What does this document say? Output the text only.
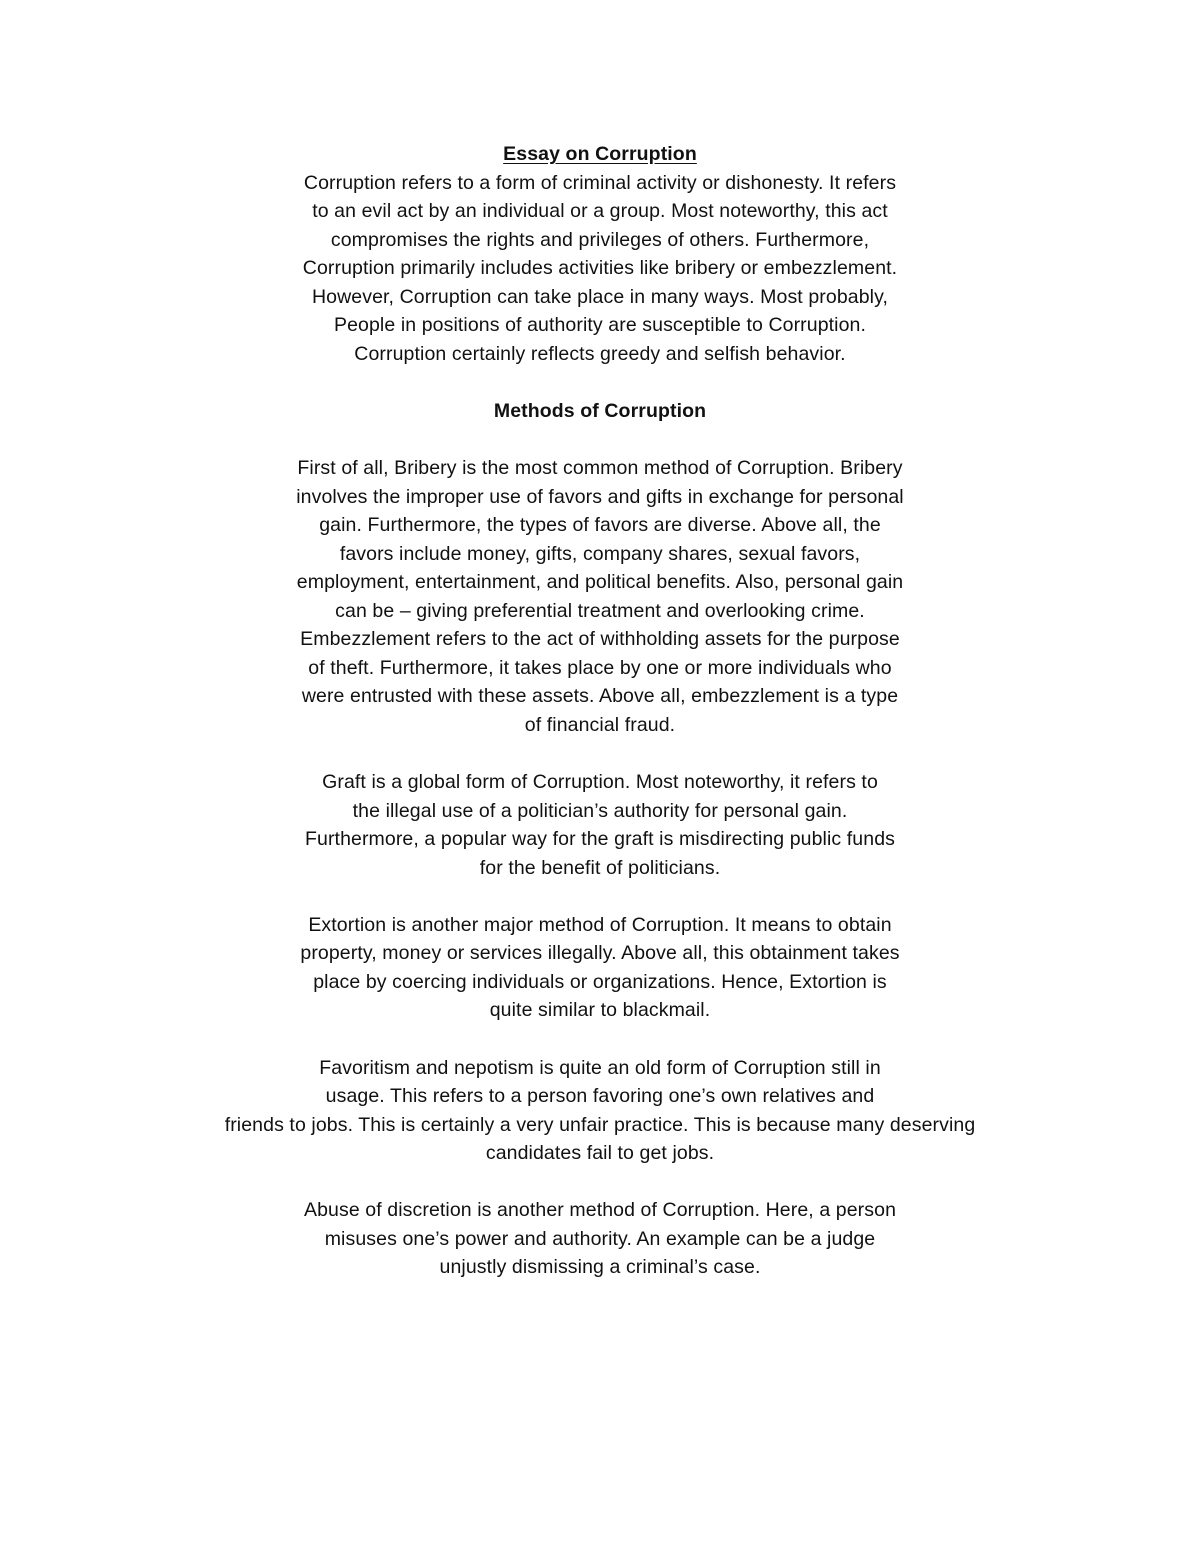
Essay on Corruption
Corruption refers to a form of criminal activity or dishonesty. It refers
to an evil act by an individual or a group. Most noteworthy, this act
compromises the rights and privileges of others. Furthermore,
Corruption primarily includes activities like bribery or embezzlement.
However, Corruption can take place in many ways. Most probably,
People in positions of authority are susceptible to Corruption.
Corruption certainly reflects greedy and selfish behavior.
Methods of Corruption
First of all, Bribery is the most common method of Corruption. Bribery
involves the improper use of favors and gifts in exchange for personal
gain. Furthermore, the types of favors are diverse. Above all, the
favors include money, gifts, company shares, sexual favors,
employment, entertainment, and political benefits. Also, personal gain
can be – giving preferential treatment and overlooking crime.
Embezzlement refers to the act of withholding assets for the purpose
of theft. Furthermore, it takes place by one or more individuals who
were entrusted with these assets. Above all, embezzlement is a type
of financial fraud.
Graft is a global form of Corruption. Most noteworthy, it refers to
the illegal use of a politician’s authority for personal gain.
Furthermore, a popular way for the graft is misdirecting public funds
for the benefit of politicians.
Extortion is another major method of Corruption. It means to obtain
property, money or services illegally. Above all, this obtainment takes
place by coercing individuals or organizations. Hence, Extortion is
quite similar to blackmail.
Favoritism and nepotism is quite an old form of Corruption still in
usage. This refers to a person favoring one’s own relatives and
friends to jobs. This is certainly a very unfair practice. This is because many deserving
candidates fail to get jobs.
Abuse of discretion is another method of Corruption. Here, a person
misuses one’s power and authority. An example can be a judge
unjustly dismissing a criminal’s case.
